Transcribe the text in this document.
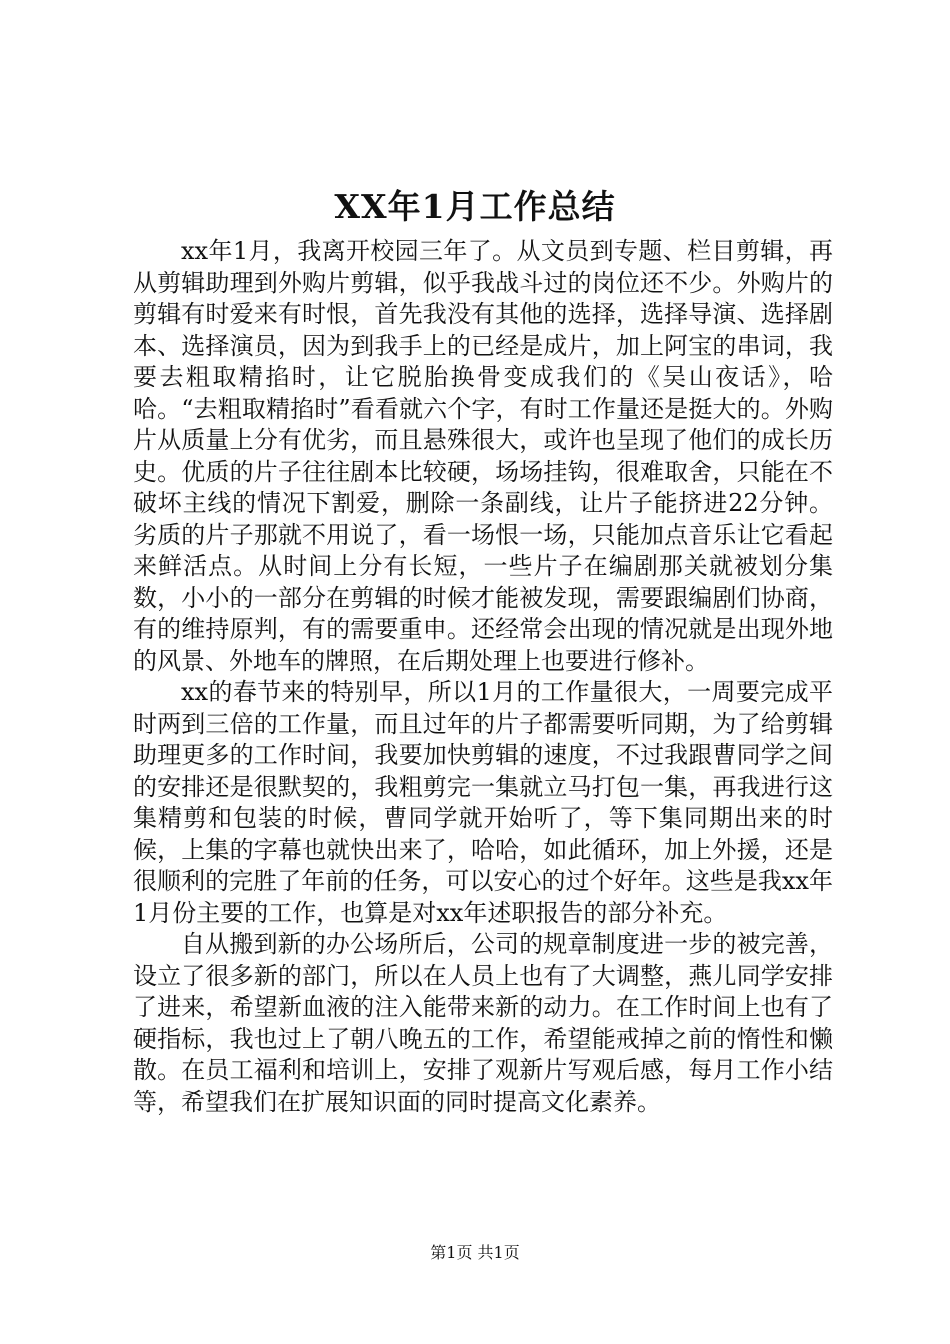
XX年1月工作总结

xx年1月，我离开校园三年了。从文员到专题、栏目剪辑，再从剪辑助理到外购片剪辑，似乎我战斗过的岗位还不少。外购片的剪辑有时爱来有时恨，首先我没有其他的选择，选择导演、选择剧本、选择演员，因为到我手上的已经是成片，加上阿宝的串词，我要去粗取精掐时，让它脱胎换骨变成我们的《吴山夜话》，哈哈。“去粗取精掐时”看看就六个字，有时工作量还是挺大的。外购片从质量上分有优劣，而且悬殊很大，或许也呈现了他们的成长历史。优质的片子往往剧本比较硬，场场挂钩，很难取舍，只能在不破坏主线的情况下割爱，删除一条副线，让片子能挤进22分钟。劣质的片子那就不用说了，看一场恨一场，只能加点音乐让它看起来鲜活点。从时间上分有长短，一些片子在编剧那关就被划分集数，小小的一部分在剪辑的时候才能被发现，需要跟编剧们协商，有的维持原判，有的需要重申。还经常会出现的情况就是出现外地的风景、外地车的牌照，在后期处理上也要进行修补。

xx的春节来的特别早，所以1月的工作量很大，一周要完成平时两到三倍的工作量，而且过年的片子都需要听同期，为了给剪辑助理更多的工作时间，我要加快剪辑的速度，不过我跟曹同学之间的安排还是很默契的，我粗剪完一集就立马打包一集，再我进行这集精剪和包装的时候，曹同学就开始听了，等下集同期出来的时候，上集的字幕也就快出来了，哈哈，如此循环，加上外援，还是很顺利的完胜了年前的任务，可以安心的过个好年。这些是我xx年1月份主要的工作，也算是对xx年述职报告的部分补充。

自从搬到新的办公场所后，公司的规章制度进一步的被完善，设立了很多新的部门，所以在人员上也有了大调整，燕儿同学安排了进来，希望新血液的注入能带来新的动力。在工作时间上也有了硬指标，我也过上了朝八晚五的工作，希望能戒掉之前的惰性和懒散。在员工福利和培训上，安排了观新片写观后感，每月工作小结等，希望我们在扩展知识面的同时提高文化素养。

第1页 共1页
